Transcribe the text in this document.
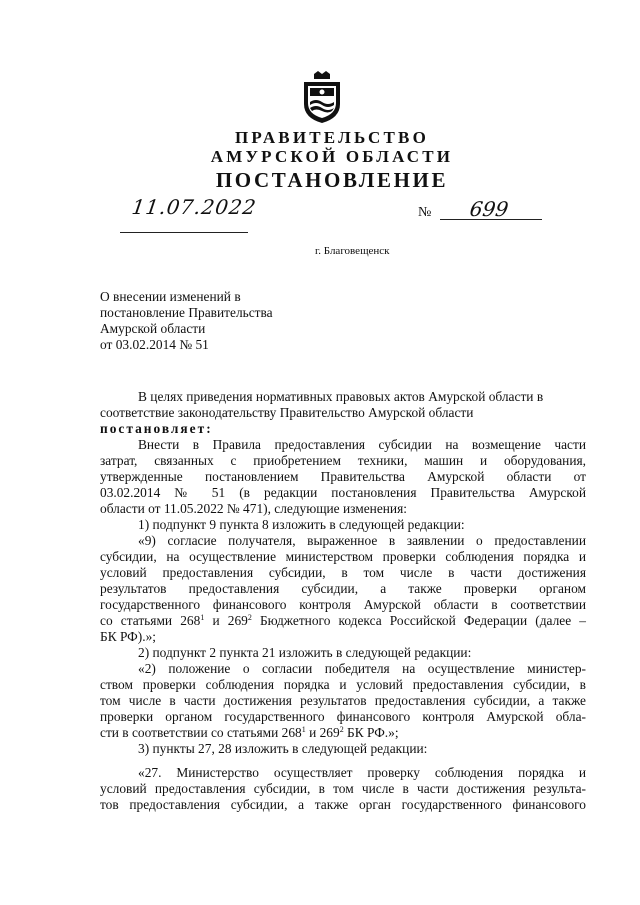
ПРАВИТЕЛЬСТВО
АМУРСКОЙ ОБЛАСТИ
ПОСТАНОВЛЕНИЕ
11.07.2022	№ 699
г. Благовещенск
О внесении изменений в
постановление Правительства
Амурской области
от 03.02.2014 № 51
В целях приведения нормативных правовых актов Амурской области в
соответствие законодательству Правительство Амурской области
постановляет:
Внести в Правила предоставления субсидии на возмещение части
затрат, связанных с приобретением техники, машин и оборудования,
утвержденные постановлением Правительства Амурской области от
03.02.2014 № 51 (в редакции постановления Правительства Амурской
области от 11.05.2022 № 471), следующие изменения:
1) подпункт 9 пункта 8 изложить в следующей редакции:
«9) согласие получателя, выраженное в заявлении о предоставлении
субсидии, на осуществление министерством проверки соблюдения порядка и
условий предоставления субсидии, в том числе в части достижения
результатов предоставления субсидии, а также проверки органом
государственного финансового контроля Амурской области в соответствии
со статьями $268^1$ и $269^2$ Бюджетного кодекса Российской Федерации (далее –
БК РФ).»;
2) подпункт 2 пункта 21 изложить в следующей редакции:
«2) положение о согласии победителя на осуществление министер-
ством проверки соблюдения порядка и условий предоставления субсидии, в
том числе в части достижения результатов предоставления субсидии, а также
проверки органом государственного финансового контроля Амурской обла-
сти в соответствии со статьями $268^1$ и $269^2$ БК РФ.»;
3) пункты 27, 28 изложить в следующей редакции:
«27. Министерство осуществляет проверку соблюдения порядка и
условий предоставления субсидии, в том числе в части достижения результа-
тов предоставления субсидии, а также орган государственного финансового
